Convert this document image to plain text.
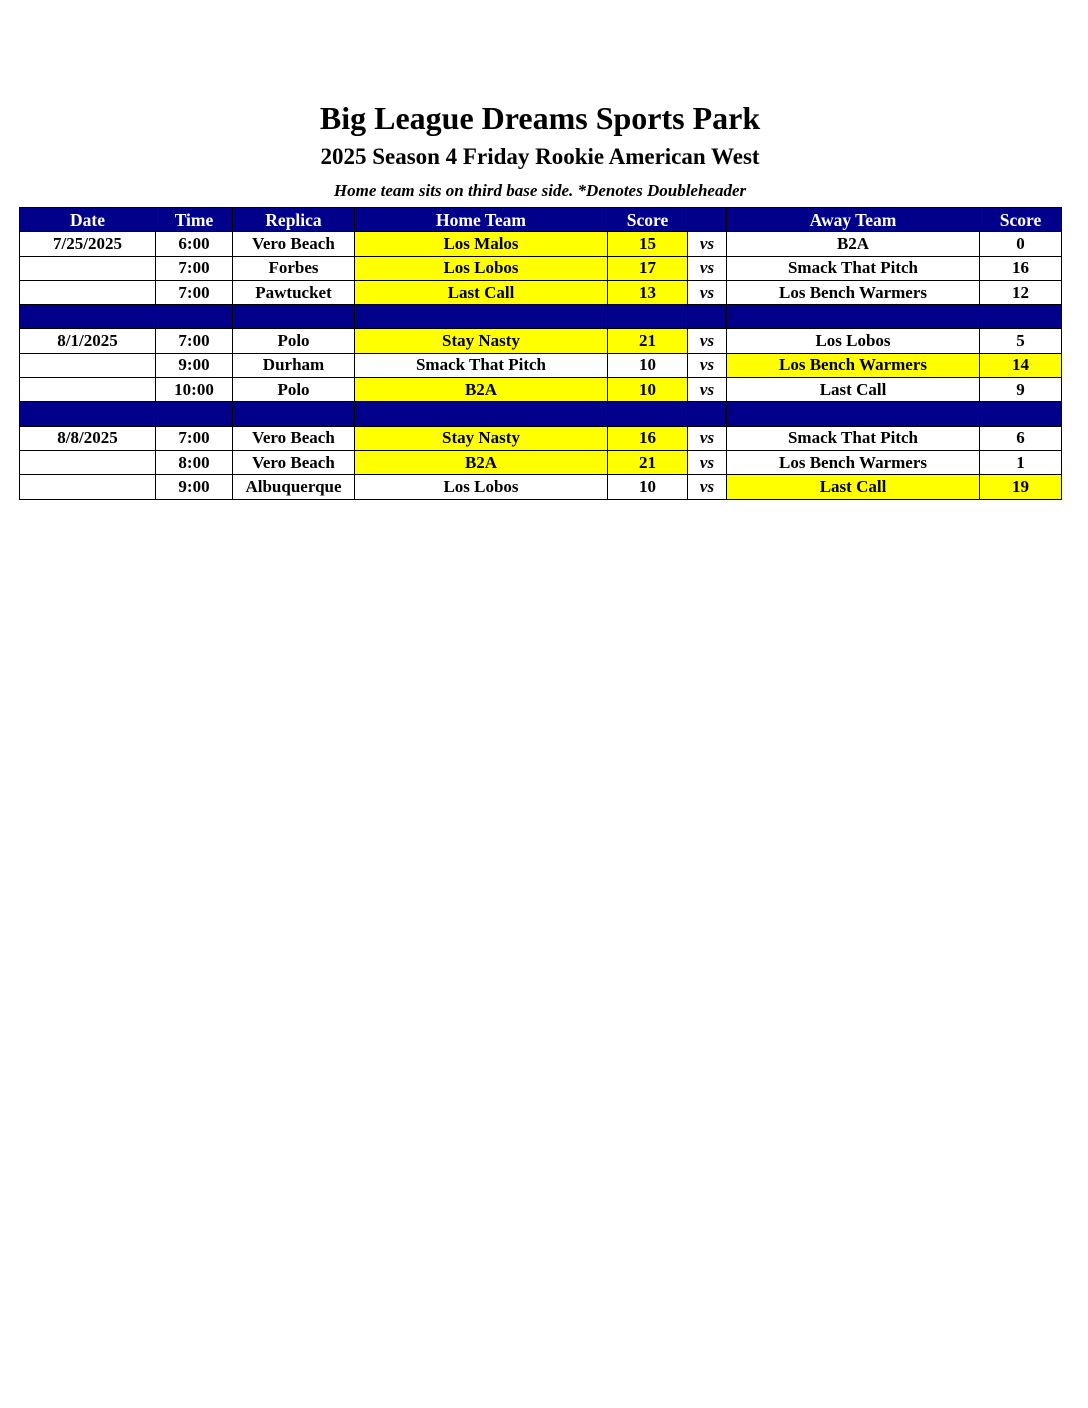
Big League Dreams Sports Park
2025 Season 4 Friday Rookie American West
Home team sits on third base side. *Denotes Doubleheader
Date	Time	Replica	Home Team	Score		Away Team	Score
7/25/2025	6:00	Vero Beach	Los Malos	15	vs	B2A	0
	7:00	Forbes	Los Lobos	17	vs	Smack That Pitch	16
	7:00	Pawtucket	Last Call	13	vs	Los Bench Warmers	12

8/1/2025	7:00	Polo	Stay Nasty	21	vs	Los Lobos	5
	9:00	Durham	Smack That Pitch	10	vs	Los Bench Warmers	14
	10:00	Polo	B2A	10	vs	Last Call	9

8/8/2025	7:00	Vero Beach	Stay Nasty	16	vs	Smack That Pitch	6
	8:00	Vero Beach	B2A	21	vs	Los Bench Warmers	1
	9:00	Albuquerque	Los Lobos	10	vs	Last Call	19
